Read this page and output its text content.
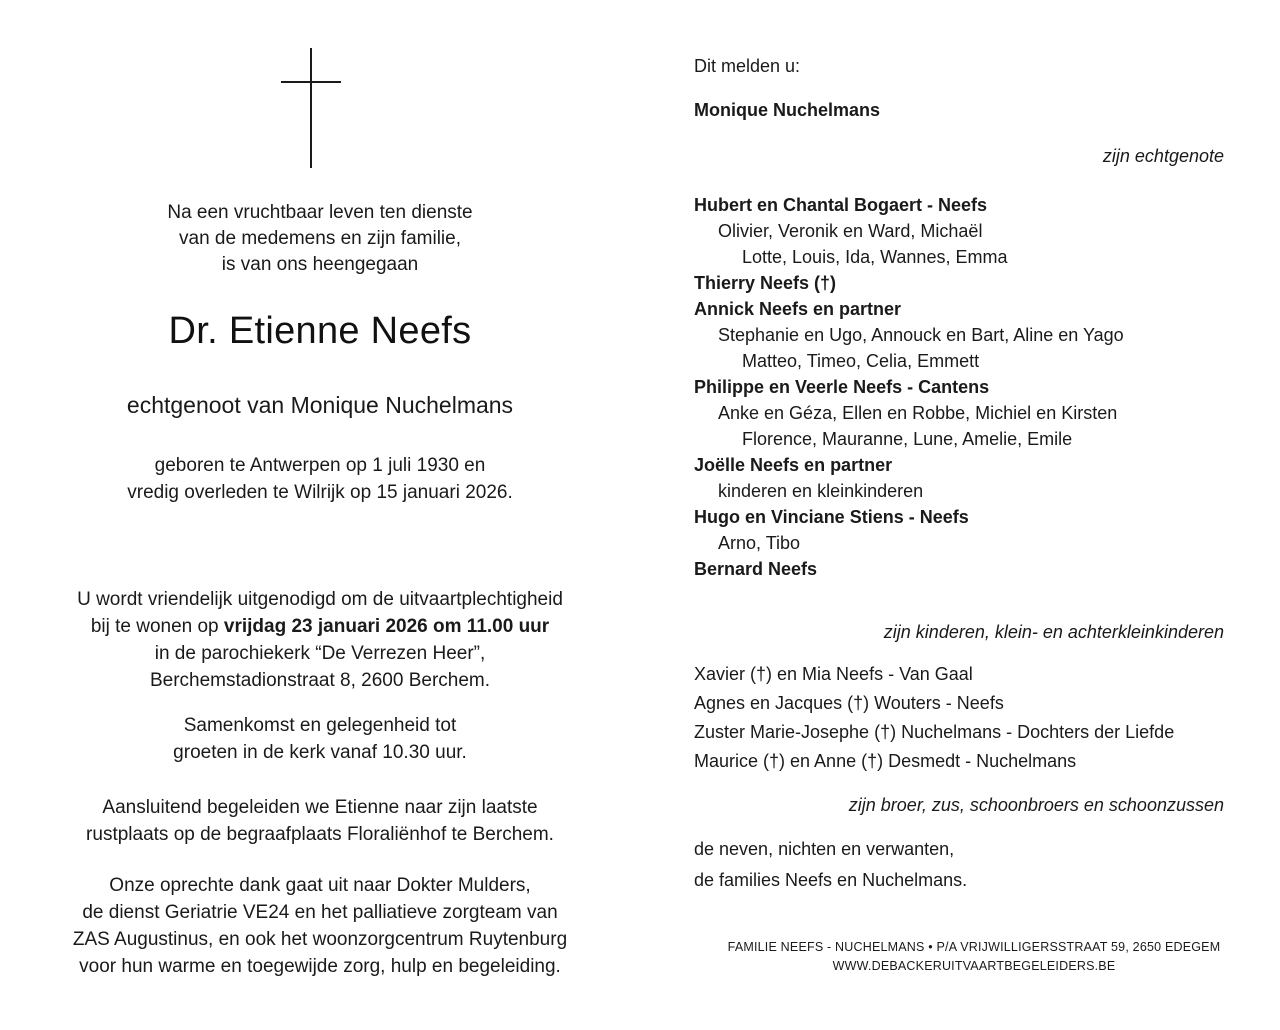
Na een vruchtbaar leven ten dienste
van de medemens en zijn familie,
is van ons heengegaan
Dr. Etienne Neefs
echtgenoot van Monique Nuchelmans
geboren te Antwerpen op 1 juli 1930 en
vredig overleden te Wilrijk op 15 januari 2026.
U wordt vriendelijk uitgenodigd om de uitvaartplechtigheid
bij te wonen op vrijdag 23 januari 2026 om 11.00 uur
in de parochiekerk “De Verrezen Heer”,
Berchemstadionstraat 8, 2600 Berchem.
Samenkomst en gelegenheid tot
groeten in de kerk vanaf 10.30 uur.
Aansluitend begeleiden we Etienne naar zijn laatste
rustplaats op de begraafplaats Floraliënhof te Berchem.
Onze oprechte dank gaat uit naar Dokter Mulders,
de dienst Geriatrie VE24 en het palliatieve zorgteam van
ZAS Augustinus, en ook het woonzorgcentrum Ruytenburg
voor hun warme en toegewijde zorg, hulp en begeleiding.
Dit melden u:
Monique Nuchelmans
zijn echtgenote
Hubert en Chantal Bogaert - Neefs
Olivier, Veronik en Ward, Michaël
Lotte, Louis, Ida, Wannes, Emma
Thierry Neefs (†)
Annick Neefs en partner
Stephanie en Ugo, Annouck en Bart, Aline en Yago
Matteo, Timeo, Celia, Emmett
Philippe en Veerle Neefs - Cantens
Anke en Géza, Ellen en Robbe, Michiel en Kirsten
Florence, Mauranne, Lune, Amelie, Emile
Joëlle Neefs en partner
kinderen en kleinkinderen
Hugo en Vinciane Stiens - Neefs
Arno, Tibo
Bernard Neefs
zijn kinderen, klein- en achterkleinkinderen
Xavier (†) en Mia Neefs - Van Gaal
Agnes en Jacques (†) Wouters - Neefs
Zuster Marie-Josephe (†) Nuchelmans - Dochters der Liefde
Maurice (†) en Anne (†) Desmedt - Nuchelmans
zijn broer, zus, schoonbroers en schoonzussen
de neven, nichten en verwanten,
de families Neefs en Nuchelmans.
FAMILIE NEEFS - NUCHELMANS • P/A VRIJWILLIGERSSTRAAT 59, 2650 EDEGEM
WWW.DEBACKERUITVAARTBEGELEIDERS.BE
